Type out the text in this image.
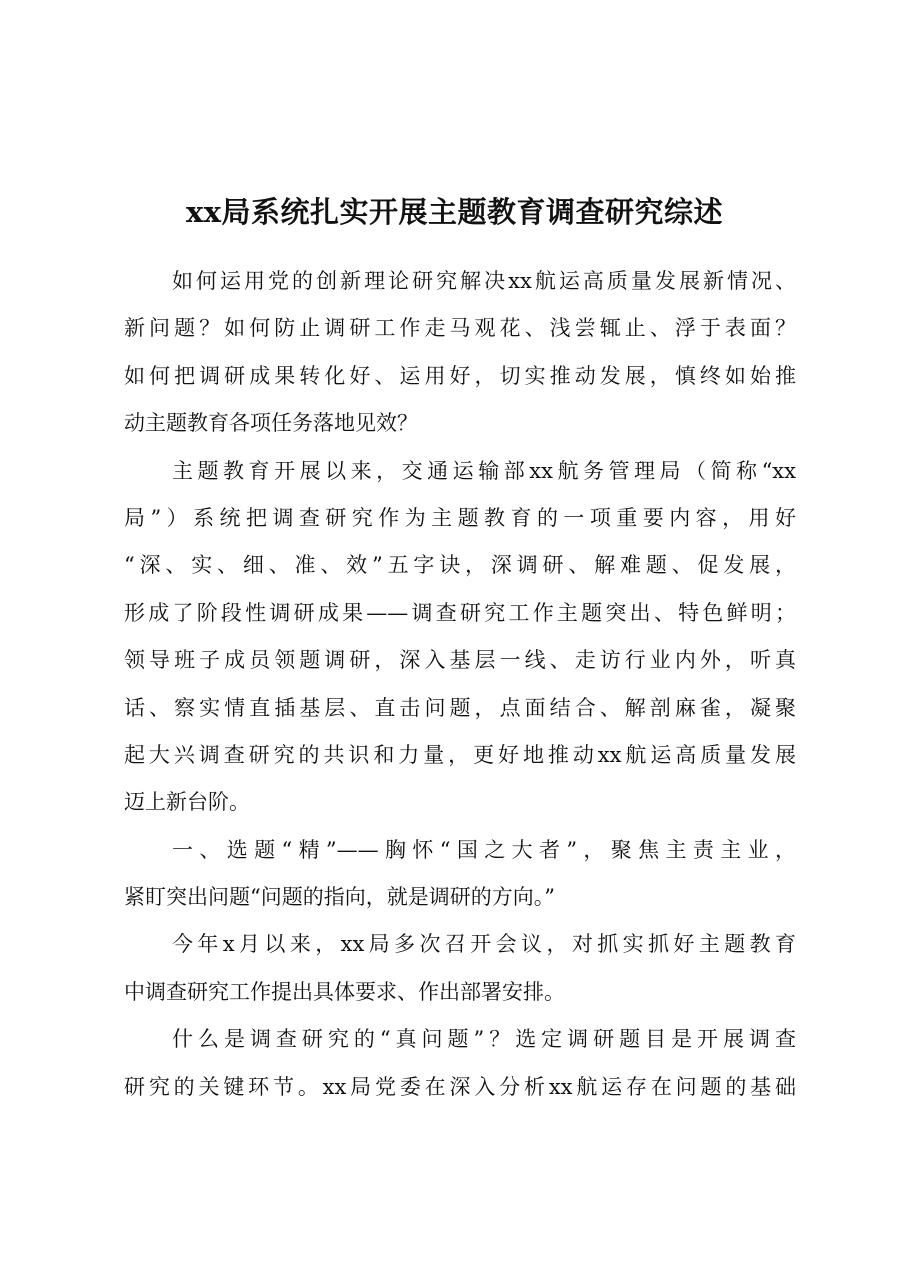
xx局系统扎实开展主题教育调查研究综述
如何运用党的创新理论研究解决xx航运高质量发展新情况、
新问题？如何防止调研工作走马观花、浅尝辄止、浮于表面？
如何把调研成果转化好、运用好，切实推动发展，慎终如始推
动主题教育各项任务落地见效？
主题教育开展以来，交通运输部xx航务管理局（简称“xx
局”）系统把调查研究作为主题教育的一项重要内容，用好
“深、实、细、准、效”五字诀，深调研、解难题、促发展，
形成了阶段性调研成果——调查研究工作主题突出、特色鲜明；
领导班子成员领题调研，深入基层一线、走访行业内外，听真
话、察实情直插基层、直击问题，点面结合、解剖麻雀，凝聚
起大兴调查研究的共识和力量，更好地推动xx航运高质量发展
迈上新台阶。
一、选题“精”——胸怀“国之大者”，聚焦主责主业，
紧盯突出问题“问题的指向，就是调研的方向。”
今年x月以来，xx局多次召开会议，对抓实抓好主题教育
中调查研究工作提出具体要求、作出部署安排。
什么是调查研究的“真问题”？选定调研题目是开展调查
研究的关键环节。xx局党委在深入分析xx航运存在问题的基础
